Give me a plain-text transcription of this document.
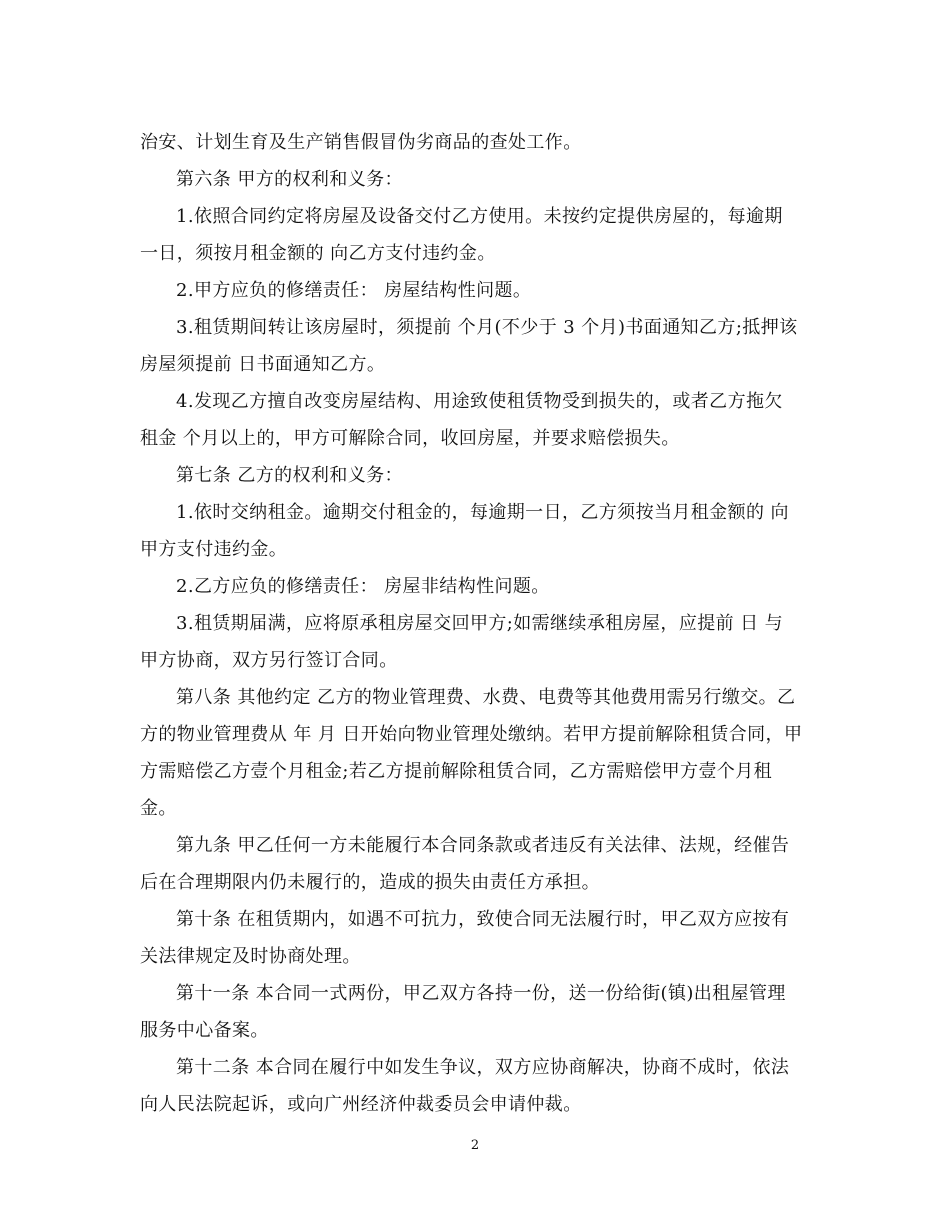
治安、计划生育及生产销售假冒伪劣商品的查处工作。
第六条 甲方的权利和义务：
1.依照合同约定将房屋及设备交付乙方使用。未按约定提供房屋的，每逾期
一日，须按月租金额的 向乙方支付违约金。
2.甲方应负的修缮责任： 房屋结构性问题。
3.租赁期间转让该房屋时，须提前 个月(不少于 3 个月)书面通知乙方;抵押该
房屋须提前 日书面通知乙方。
4.发现乙方擅自改变房屋结构、用途致使租赁物受到损失的，或者乙方拖欠
租金 个月以上的，甲方可解除合同，收回房屋，并要求赔偿损失。
第七条 乙方的权利和义务：
1.依时交纳租金。逾期交付租金的，每逾期一日，乙方须按当月租金额的 向
甲方支付违约金。
2.乙方应负的修缮责任： 房屋非结构性问题。
3.租赁期届满，应将原承租房屋交回甲方;如需继续承租房屋，应提前 日 与
甲方协商，双方另行签订合同。
第八条 其他约定 乙方的物业管理费、水费、电费等其他费用需另行缴交。乙
方的物业管理费从 年 月 日开始向物业管理处缴纳。若甲方提前解除租赁合同，甲
方需赔偿乙方壹个月租金;若乙方提前解除租赁合同，乙方需赔偿甲方壹个月租
金。
第九条 甲乙任何一方未能履行本合同条款或者违反有关法律、法规，经催告
后在合理期限内仍未履行的，造成的损失由责任方承担。
第十条 在租赁期内，如遇不可抗力，致使合同无法履行时，甲乙双方应按有
关法律规定及时协商处理。
第十一条 本合同一式两份，甲乙双方各持一份，送一份给街(镇)出租屋管理
服务中心备案。
第十二条 本合同在履行中如发生争议，双方应协商解决，协商不成时，依法
向人民法院起诉，或向广州经济仲裁委员会申请仲裁。
2
